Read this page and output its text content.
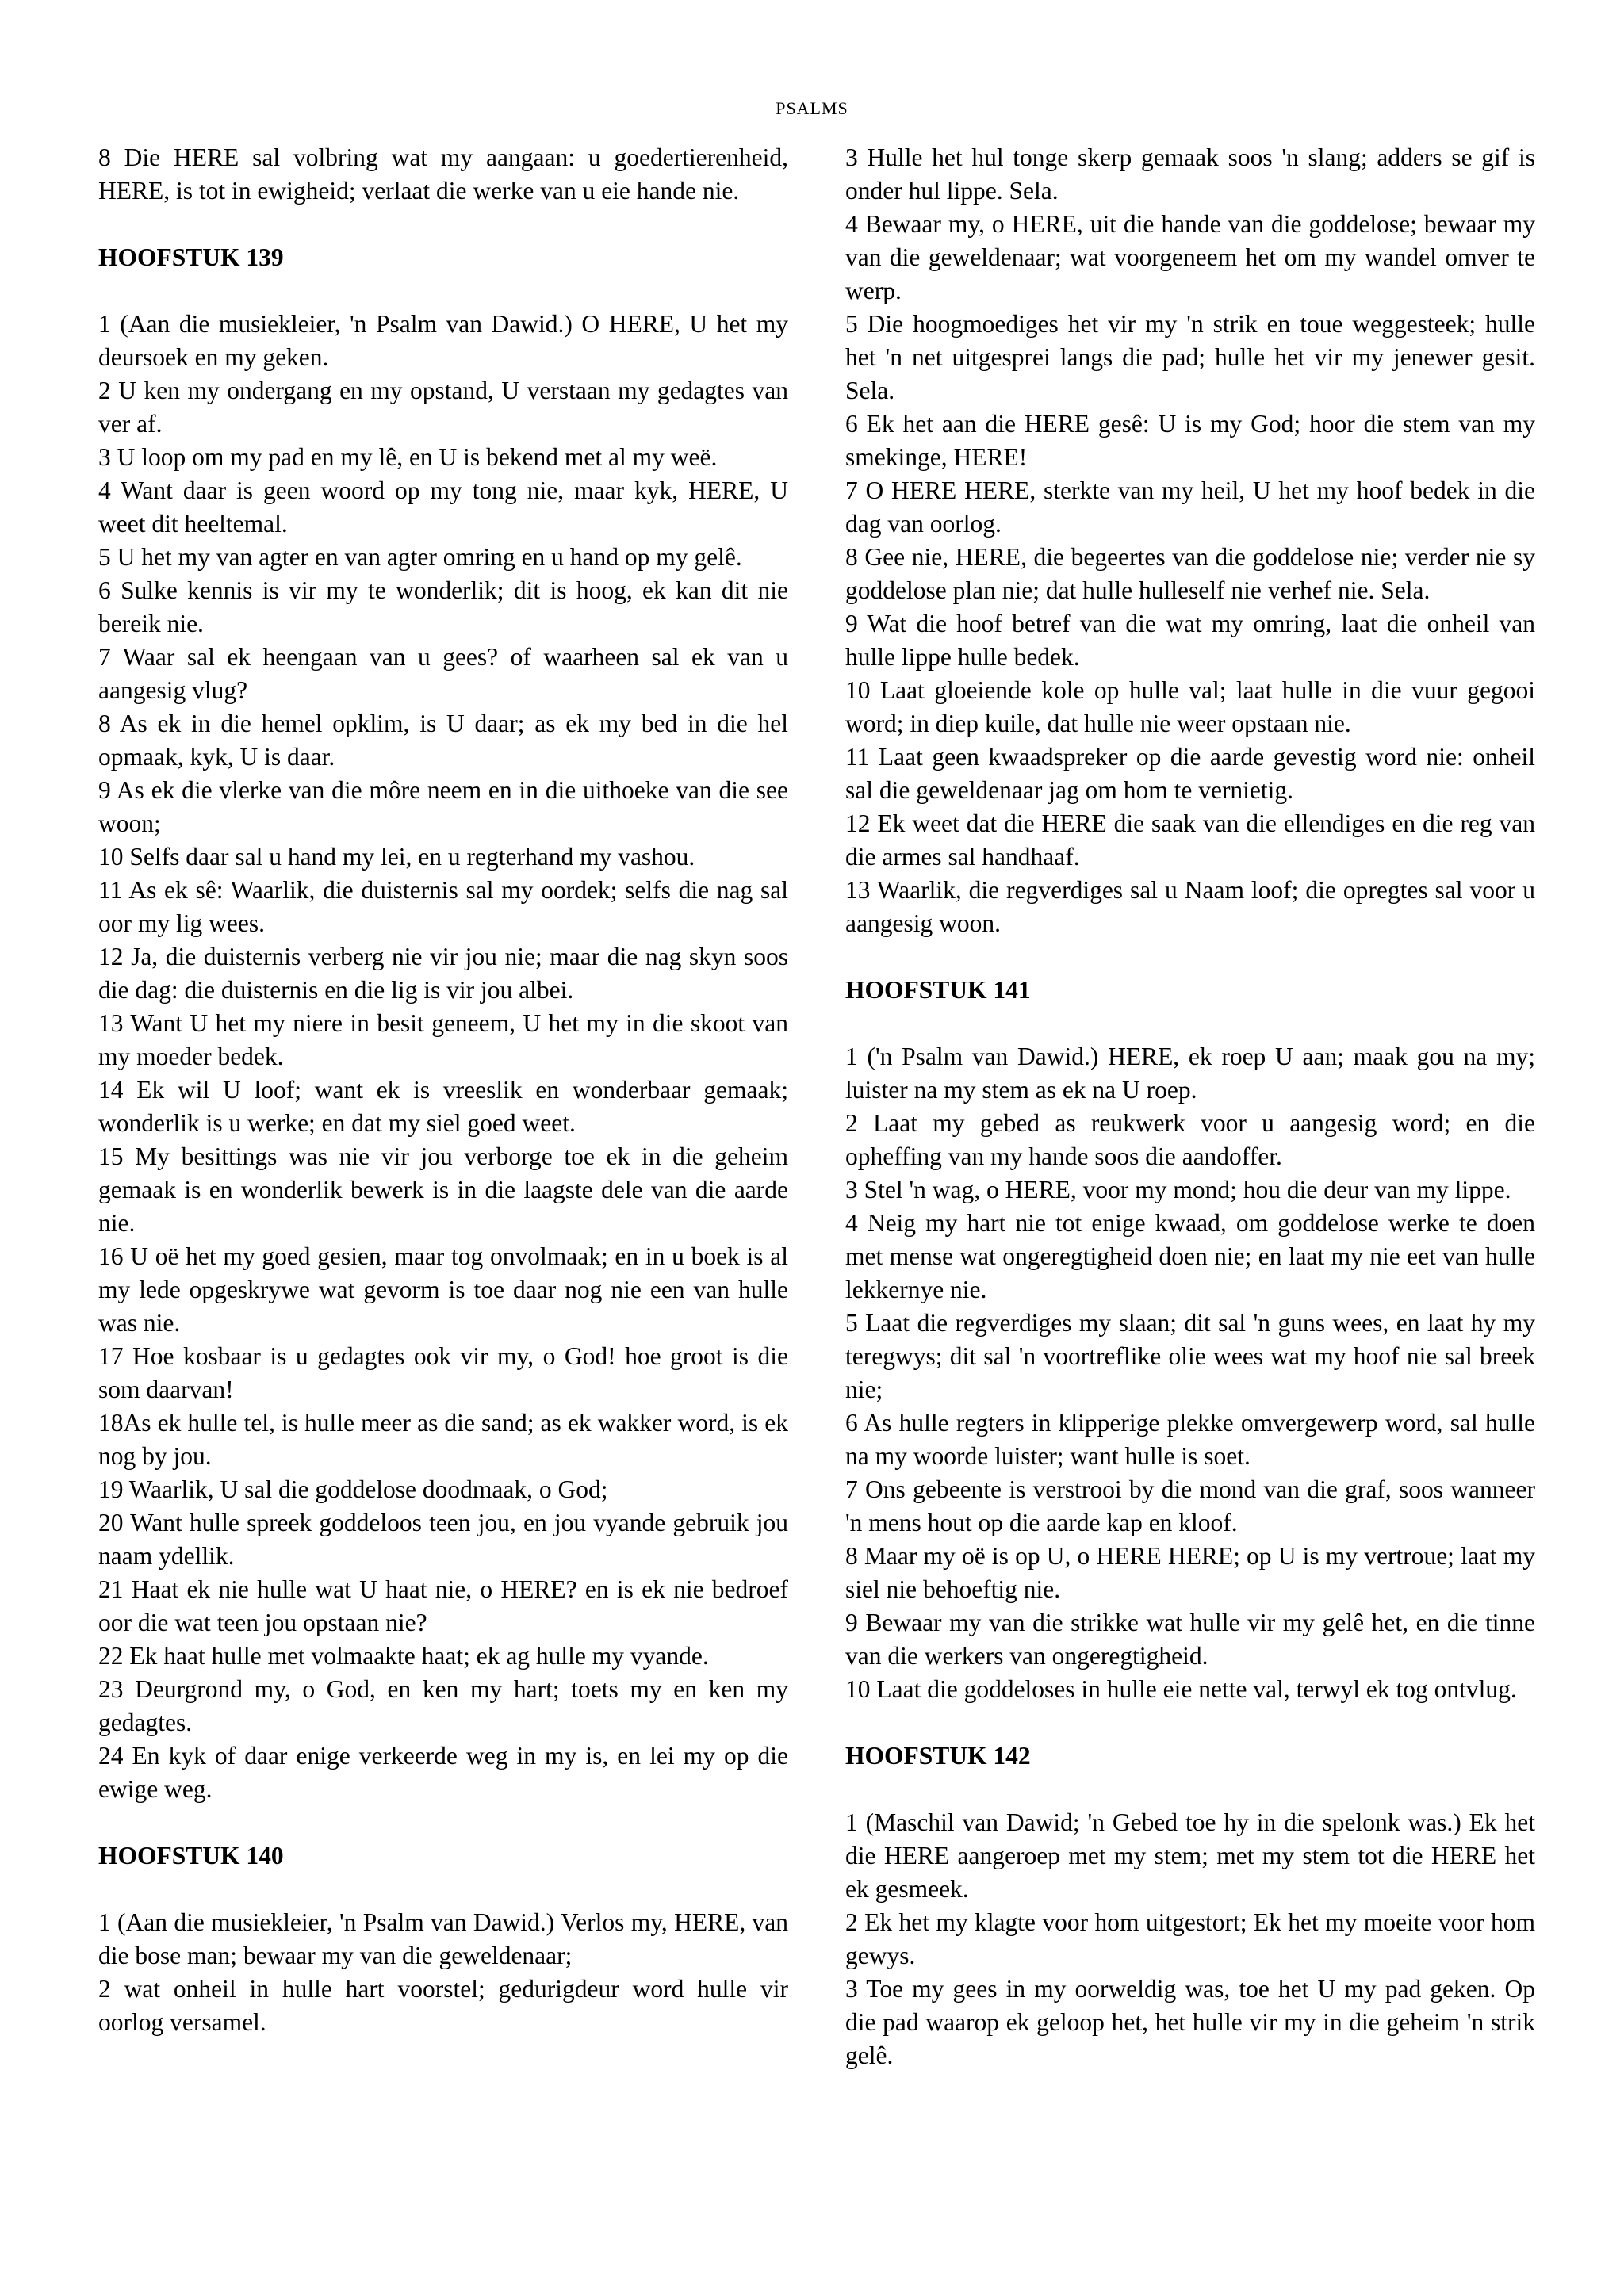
PSALMS

8 Die HERE sal volbring wat my aangaan: u goedertierenheid, HERE, is tot in ewigheid; verlaat die werke van u eie hande nie.

HOOFSTUK 139

1 (Aan die musiekleier, 'n Psalm van Dawid.) O HERE, U het my deursoek en my geken.

2 U ken my ondergang en my opstand, U verstaan my gedagtes van ver af.

3 U loop om my pad en my lê, en U is bekend met al my weë.

4 Want daar is geen woord op my tong nie, maar kyk, HERE, U weet dit heeltemal.

5 U het my van agter en van agter omring en u hand op my gelê.

6 Sulke kennis is vir my te wonderlik; dit is hoog, ek kan dit nie bereik nie.

7 Waar sal ek heengaan van u gees? of waarheen sal ek van u aangesig vlug?

8 As ek in die hemel opklim, is U daar; as ek my bed in die hel opmaak, kyk, U is daar.

9 As ek die vlerke van die môre neem en in die uithoeke van die see woon;

10 Selfs daar sal u hand my lei, en u regterhand my vashou.

11 As ek sê: Waarlik, die duisternis sal my oordek; selfs die nag sal oor my lig wees.

12 Ja, die duisternis verberg nie vir jou nie; maar die nag skyn soos die dag: die duisternis en die lig is vir jou albei.

13 Want U het my niere in besit geneem, U het my in die skoot van my moeder bedek.

14 Ek wil U loof; want ek is vreeslik en wonderbaar gemaak; wonderlik is u werke; en dat my siel goed weet.

15 My besittings was nie vir jou verborge toe ek in die geheim gemaak is en wonderlik bewerk is in die laagste dele van die aarde nie.

16 U oë het my goed gesien, maar tog onvolmaak; en in u boek is al my lede opgeskrywe wat gevorm is toe daar nog nie een van hulle was nie.

17 Hoe kosbaar is u gedagtes ook vir my, o God! hoe groot is die som daarvan!

18As ek hulle tel, is hulle meer as die sand; as ek wakker word, is ek nog by jou.

19 Waarlik, U sal die goddelose doodmaak, o God;

20 Want hulle spreek goddeloos teen jou, en jou vyande gebruik jou naam ydellik.

21 Haat ek nie hulle wat U haat nie, o HERE? en is ek nie bedroef oor die wat teen jou opstaan nie?

22 Ek haat hulle met volmaakte haat; ek ag hulle my vyande.

23 Deurgrond my, o God, en ken my hart; toets my en ken my gedagtes.

24 En kyk of daar enige verkeerde weg in my is, en lei my op die ewige weg.

HOOFSTUK 140

1 (Aan die musiekleier, 'n Psalm van Dawid.) Verlos my, HERE, van die bose man; bewaar my van die geweldenaar;

2 wat onheil in hulle hart voorstel; gedurigdeur word hulle vir oorlog versamel.

3 Hulle het hul tonge skerp gemaak soos 'n slang; adders se gif is onder hul lippe. Sela.

4 Bewaar my, o HERE, uit die hande van die goddelose; bewaar my van die geweldenaar; wat voorgeneem het om my wandel omver te werp.

5 Die hoogmoediges het vir my 'n strik en toue weggesteek; hulle het 'n net uitgesprei langs die pad; hulle het vir my jenewer gesit. Sela.

6 Ek het aan die HERE gesê: U is my God; hoor die stem van my smekinge, HERE!

7 O HERE HERE, sterkte van my heil, U het my hoof bedek in die dag van oorlog.

8 Gee nie, HERE, die begeertes van die goddelose nie; verder nie sy goddelose plan nie; dat hulle hulleself nie verhef nie. Sela.

9 Wat die hoof betref van die wat my omring, laat die onheil van hulle lippe hulle bedek.

10 Laat gloeiende kole op hulle val; laat hulle in die vuur gegooi word; in diep kuile, dat hulle nie weer opstaan nie.

11 Laat geen kwaadspreker op die aarde gevestig word nie: onheil sal die geweldenaar jag om hom te vernietig.

12 Ek weet dat die HERE die saak van die ellendiges en die reg van die armes sal handhaaf.

13 Waarlik, die regverdiges sal u Naam loof; die opregtes sal voor u aangesig woon.

HOOFSTUK 141

1 ('n Psalm van Dawid.) HERE, ek roep U aan; maak gou na my; luister na my stem as ek na U roep.

2 Laat my gebed as reukwerk voor u aangesig word; en die opheffing van my hande soos die aandoffer.

3 Stel 'n wag, o HERE, voor my mond; hou die deur van my lippe.

4 Neig my hart nie tot enige kwaad, om goddelose werke te doen met mense wat ongeregtigheid doen nie; en laat my nie eet van hulle lekkernye nie.

5 Laat die regverdiges my slaan; dit sal 'n guns wees, en laat hy my teregwys; dit sal 'n voortreflike olie wees wat my hoof nie sal breek nie;

6 As hulle regters in klipperige plekke omvergewerp word, sal hulle na my woorde luister; want hulle is soet.

7 Ons gebeente is verstrooi by die mond van die graf, soos wanneer 'n mens hout op die aarde kap en kloof.

8 Maar my oë is op U, o HERE HERE; op U is my vertroue; laat my siel nie behoeftig nie.

9 Bewaar my van die strikke wat hulle vir my gelê het, en die tinne van die werkers van ongeregtigheid.

10 Laat die goddeloses in hulle eie nette val, terwyl ek tog ontvlug.

HOOFSTUK 142

1 (Maschil van Dawid; 'n Gebed toe hy in die spelonk was.) Ek het die HERE aangeroep met my stem; met my stem tot die HERE het ek gesmeek.

2 Ek het my klagte voor hom uitgestort; Ek het my moeite voor hom gewys.

3 Toe my gees in my oorweldig was, toe het U my pad geken. Op die pad waarop ek geloop het, het hulle vir my in die geheim 'n strik gelê.
